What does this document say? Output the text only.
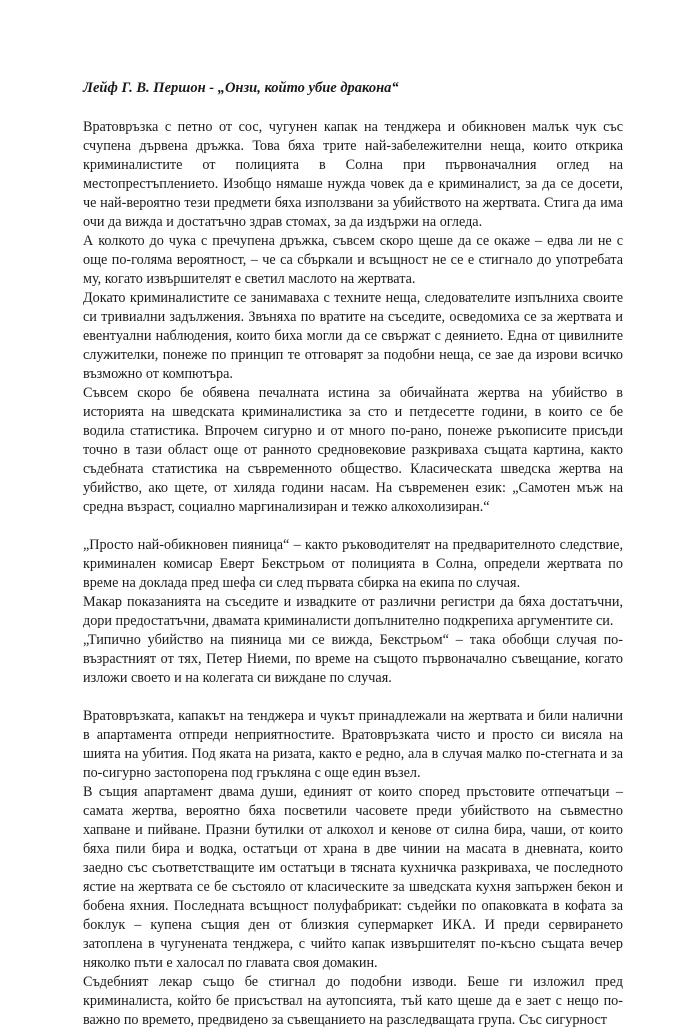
Лейф Г. В. Першон - „Онзи, който убие дракона“

Вратовръзка с петно от сос, чугунен капак на тенджера и обикновен малък чук със счупена дървена дръжка. Това бяха трите най-забележителни неща, които открика криминалистите от полицията в Солна при първоначалния оглед на местопрестъплението. Изобщо нямаше нужда човек да е криминалист, за да се досети, че най-вероятно тези предмети бяха използвани за убийството на жертвата. Стига да има очи да вижда и достатъчно здрав стомах, за да издържи на огледа.

А колкото до чука с пречупена дръжка, съвсем скоро щеше да се окаже – едва ли не с още по-голяма вероятност, – че са сбъркали и всъщност не се е стигнало до употребата му, когато извършителят е светил маслото на жертвата.

Докато криминалистите се занимаваха с техните неща, следователите изпълниха своите си тривиални задължения. Звъняха по вратите на съседите, осведомиха се за жертвата и евентуални наблюдения, които биха могли да се свържат с деянието. Една от цивилните служителки, понеже по принцип те отговарят за подобни неща, се зае да изрови всичко възможно от компютъра.

Съвсем скоро бе обявена печалната истина за обичайната жертва на убийство в историята на шведската криминалистика за сто и петдесетте години, в които се бе водила статистика. Впрочем сигурно и от много по-рано, понеже ръкописите присъди точно в тази област още от ранното средновековие разкриваха същата картина, както съдебната статистика на съвременното общество. Класическата шведска жертва на убийство, ако щете, от хиляда години насам. На съвременен език: „Самотен мъж на средна възраст, социално маргинализиран и тежко алкохолизиран.“

„Просто най-обикновен пияница“ – както ръководителят на предварителното следствие, криминален комисар Еверт Бекстрьом от полицията в Солна, определи жертвата по време на доклада пред шефа си след първата сбирка на екипа по случая.

Макар показанията на съседите и извадките от различни регистри да бяха достатъчни, дори предостатъчни, двамата криминалисти допълнително подкрепиха аргументите си.

„Типично убийство на пияница ми се вижда, Бекстрьом“ – така обобщи случая по-възрастният от тях, Петер Ниеми, по време на същото първоначално съвещание, когато изложи своето и на колегата си виждане по случая.

Вратовръзката, капакът на тенджера и чукът принадлежали на жертвата и били налични в апартамента отпреди неприятностите. Вратовръзката чисто и просто си висяла на шията на убития. Под яката на ризата, както е редно, ала в случая малко по-стегната и за по-сигурно застопорена под гръкляна с още един възел.

В същия апартамент двама души, единият от които според пръстовите отпечатъци – самата жертва, вероятно бяха посветили часовете преди убийството на съвместно хапване и пийване. Празни бутилки от алкохол и кенове от силна бира, чаши, от които бяха пили бира и водка, остатъци от храна в две чинии на масата в дневната, които заедно със съответстващите им остатъци в тясната кухничка разкриваха, че последното ястие на жертвата се бе състояло от класическите за шведската кухня запържен бекон и бобена яхния. Последната всъщност полуфабрикат: съдейки по опаковката в кофата за боклук – купена същия ден от близкия супермаркет ИКА. И преди сервирането затоплена в чугунената тенджера, с чийто капак извършителят по-късно същата вечер няколко пъти е халосал по главата своя домакин.

Съдебният лекар също бе стигнал до подобни изводи. Беше ги изложил пред криминалиста, който бе присъствал на аутопсията, тъй като щеше да е зает с нещо по-важно по времето, предвидено за съвещанието на разследващата група. Със сигурност
